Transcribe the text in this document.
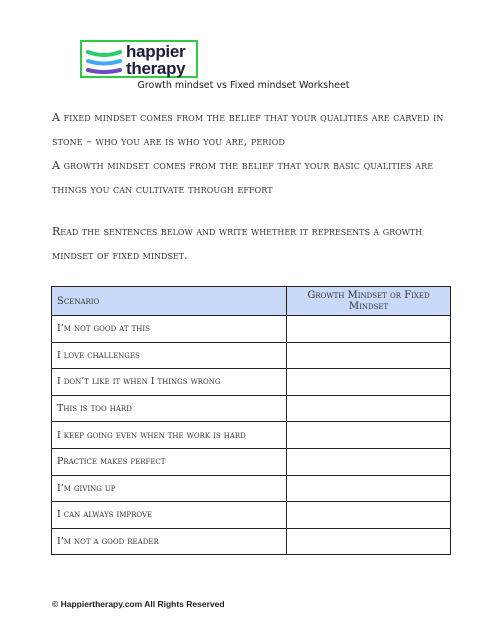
happier
therapy
Growth mindset vs Fixed mindset Worksheet

A fixed mindset comes from the belief that your qualities are carved in stone – who you are is who you are, period

A growth mindset comes from the belief that your basic qualities are things you can cultivate through effort

Read the sentences below and write whether it represents a growth mindset of fixed mindset.
Scenario	Growth Mindset or Fixed Mindset
I’m not good at this	
I love challenges	
I don’t like it when I things wrong	
This is too hard	
I keep going even when the work is hard	
Practice makes perfect	
I’m giving up	
I can always improve	
I’m not a good reader	
© Happiertherapy.com All Rights Reserved
